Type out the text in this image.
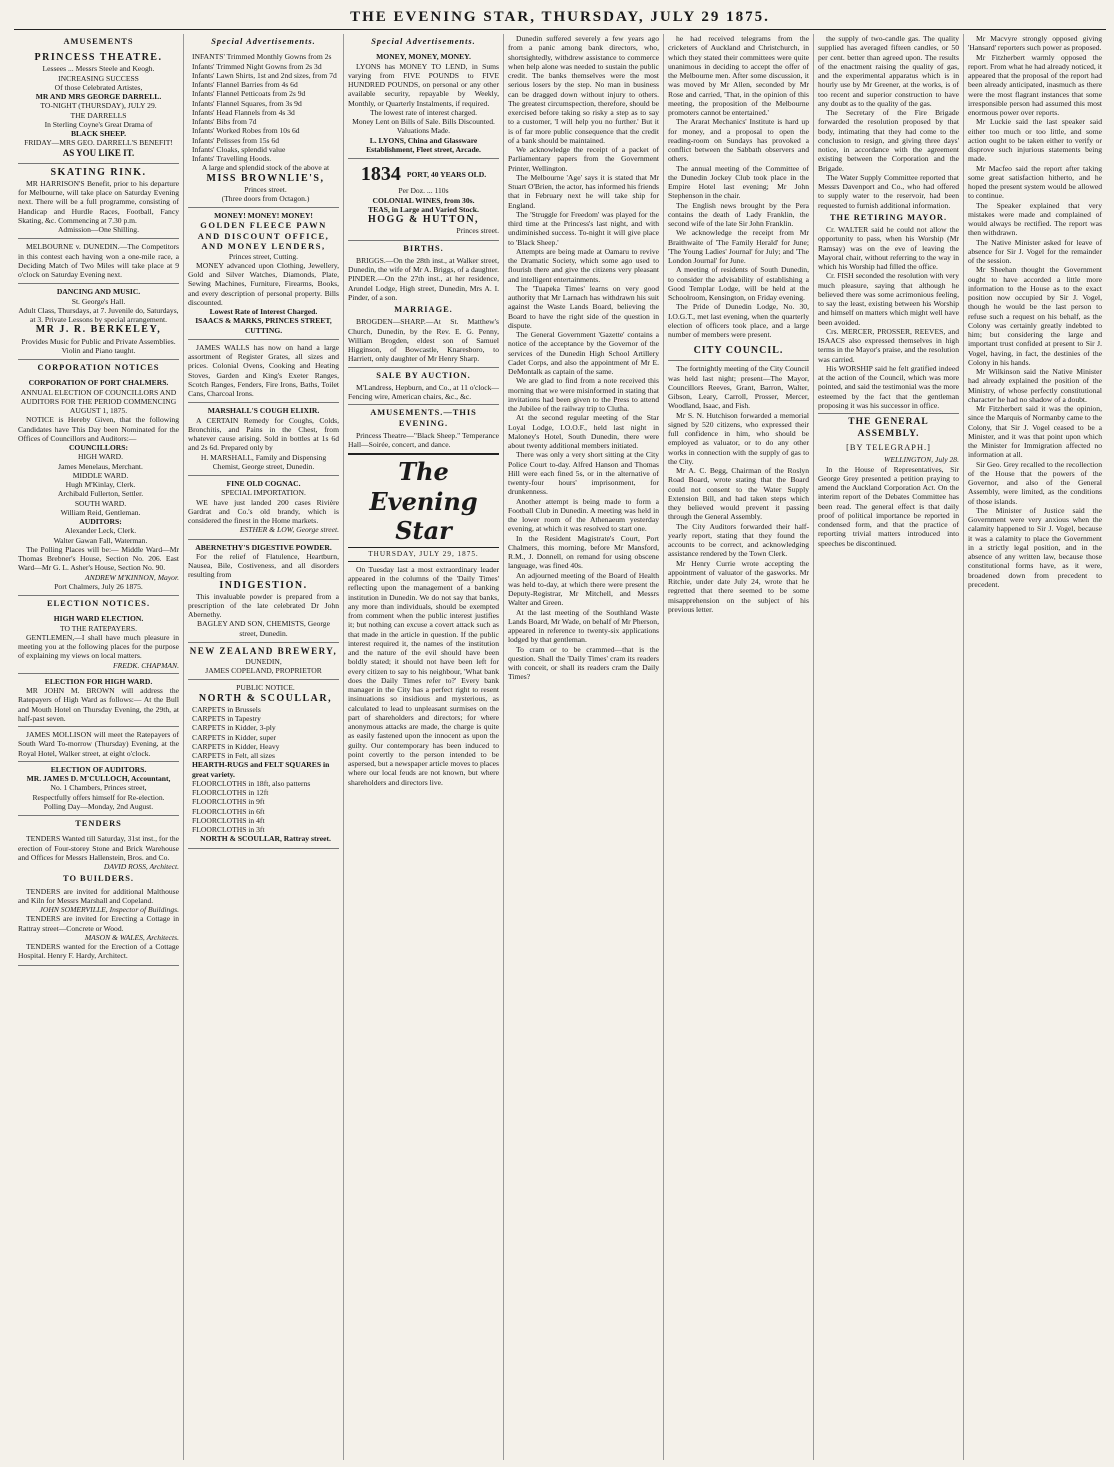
THE EVENING STAR, THURSDAY, JULY 29 1875.
AMUSEMENTS
PRINCESS THEATRE.
Lessees ... Messrs Steele and Keogh.
INCREASING SUCCESS
Of those Celebrated Artistes,
MR AND MRS GEORGE DARRELL.
TO-NIGHT (THURSDAY), JULY 29.
THE DARRELLS
In Sterling Coyne's Great Drama of
BLACK SHEEP.
FRIDAY—MRS GEO. DARRELL'S BENEFIT!
AS YOU LIKE IT.
SKATING RINK.

MR HARRISON'S Benefit, prior to his departure for Melbourne, will take place on Saturday Evening next. There will be a full programme, consisting of Handicap and Hurdle Races, Football, Fancy Skating, &c. Commencing at 7.30 p.m.

Admission—One Shilling.

MELBOURNE v. DUNEDIN.—The Competitors in this contest each having won a one-mile race, a Deciding Match of Two Miles will take place at 9 o'clock on Saturday Evening next.

DANCING AND MUSIC.
St. George's Hall.
Adult Class, Thursdays, at 7. Juvenile do, Saturdays, at 3. Private Lessons by special arrangement.
MR J. R. BERKELEY,
Provides Music for Public and Private Assemblies. Violin and Piano taught.
CORPORATION NOTICES
CORPORATION OF PORT CHALMERS.
ANNUAL ELECTION OF COUNCILLORS AND AUDITORS FOR THE PERIOD COMMENCING AUGUST 1, 1875.

NOTICE is Hereby Given, that the following Candidates have This Day been Nominated for the Offices of Councillors and Auditors:—

COUNCILLORS:
HIGH WARD.
James Menelaus, Merchant.
MIDDLE WARD.
Hugh M'Kinlay, Clerk.
Archibald Fullerton, Settler.
SOUTH WARD.
William Reid, Gentleman.
AUDITORS:
Alexander Leck, Clerk.
Walter Gawan Fall, Waterman.

The Polling Places will be:— Middle Ward—Mr Thomas Brebner's House, Section No. 206. East Ward—Mr G. L. Asher's House, Section No. 90.

ANDREW M'KINNON, Mayor.
Port Chalmers, July 26 1875.
ELECTION NOTICES.
HIGH WARD ELECTION.
TO THE RATEPAYERS.

GENTLEMEN,—I shall have much pleasure in meeting you at the following places for the purpose of explaining my views on local matters.

FREDK. CHAPMAN.
ELECTION FOR HIGH WARD.

MR JOHN M. BROWN will address the Ratepayers of High Ward as follows:— At the Bull and Mouth Hotel on Thursday Evening, the 29th, at half-past seven.

JAMES MOLLISON will meet the Ratepayers of South Ward To-morrow (Thursday) Evening, at the Royal Hotel, Walker street, at eight o'clock.

ELECTION OF AUDITORS.
MR. JAMES D. M'CULLOCH, Accountant,
No. 1 Chambers, Princes street,
Respectfully offers himself for Re-election.
Polling Day—Monday, 2nd August.
TENDERS

TENDERS Wanted till Saturday, 31st inst., for the erection of Four-storey Stone and Brick Warehouse and Offices for Messrs Hallenstein, Bros. and Co.

DAVID ROSS, Architect.
TO BUILDERS.

TENDERS are invited for additional Malthouse and Kiln for Messrs Marshall and Copeland.

JOHN SOMERVILLE, Inspector of Buildings.

TENDERS are invited for Erecting a Cottage in Rattray street—Concrete or Wood.

MASON & WALES, Architects.

TENDERS wanted for the Erection of a Cottage Hospital. Henry F. Hardy, Architect.

Special Advertisements.
INFANTS' Trimmed Monthly Gowns from 2s
Infants' Trimmed Night Gowns from 2s 3d
Infants' Lawn Shirts, 1st and 2nd sizes, from 7d
Infants' Flannel Barries from 4s 6d
Infants' Flannel Petticoats from 2s 9d
Infants' Flannel Squares, from 3s 9d
Infants' Head Flannels from 4s 3d
Infants' Bibs from 7d
Infants' Worked Robes from 10s 6d
Infants' Pelisses from 15s 6d
Infants' Cloaks, splendid value
Infants' Travelling Hoods.
A large and splendid stock of the above at
MISS BROWNLIE'S,
Princes street.
(Three doors from Octagon.)
MONEY! MONEY! MONEY!
GOLDEN FLEECE PAWN AND DISCOUNT OFFICE, AND MONEY LENDERS,
Princes street, Cutting.

MONEY advanced upon Clothing, Jewellery, Gold and Silver Watches, Diamonds, Plate, Sewing Machines, Furniture, Firearms, Books, and every description of personal property. Bills discounted.

Lowest Rate of Interest Charged.
ISAACS & MARKS, PRINCES STREET, CUTTING.

JAMES WALLS has now on hand a large assortment of Register Grates, all sizes and prices. Colonial Ovens, Cooking and Heating Stoves, Garden and King's Exeter Ranges, Scotch Ranges, Fenders, Fire Irons, Baths, Toilet Cans, Charcoal Irons.

MARSHALL'S COUGH ELIXIR.

A CERTAIN Remedy for Coughs, Colds, Bronchitis, and Pains in the Chest, from whatever cause arising. Sold in bottles at 1s 6d and 2s 6d. Prepared only by

H. MARSHALL, Family and Dispensing Chemist, George street, Dunedin.
FINE OLD COGNAC.
SPECIAL IMPORTATION.

WE have just landed 200 cases Rivière Gardrat and Co.'s old brandy, which is considered the finest in the Home markets.

ESTHER & LOW, George street.
ABERNETHY'S DIGESTIVE POWDER.

For the relief of Flatulence, Heartburn, Nausea, Bile, Costiveness, and all disorders resulting from

INDIGESTION.

This invaluable powder is prepared from a prescription of the late celebrated Dr John Abernethy.

BAGLEY AND SON, CHEMISTS, George street, Dunedin.
NEW ZEALAND BREWERY,
DUNEDIN,
JAMES COPELAND, PROPRIETOR
PUBLIC NOTICE.
NORTH & SCOULLAR,
CARPETS in Brussels
CARPETS in Tapestry
CARPETS in Kidder, 3-ply
CARPETS in Kidder, super
CARPETS in Kidder, Heavy
CARPETS in Felt, all sizes
HEARTH-RUGS and FELT SQUARES in great variety.
FLOORCLOTHS in 18ft, also patterns
FLOORCLOTHS in 12ft
FLOORCLOTHS in 9ft
FLOORCLOTHS in 6ft
FLOORCLOTHS in 4ft
FLOORCLOTHS in 3ft
NORTH & SCOULLAR, Rattray street.
Special Advertisements.
MONEY, MONEY, MONEY.

LYONS has MONEY TO LEND, in Sums varying from FIVE POUNDS to FIVE HUNDRED POUNDS, on personal or any other available security, repayable by Weekly, Monthly, or Quarterly Instalments, if required.

The lowest rate of interest charged.
Money Lent on Bills of Sale. Bills Discounted. Valuations Made.
L. LYONS, China and Glassware Establishment, Fleet street, Arcade.
1834 PORT, 40 YEARS OLD.
Per Doz. ... 110s
COLONIAL WINES, from 30s.
TEAS, in Large and Varied Stock.
HOGG & HUTTON,
Princes street.
BIRTHS.

BRIGGS.—On the 28th inst., at Walker street, Dunedin, the wife of Mr A. Briggs, of a daughter. PINDER.—On the 27th inst., at her residence, Arundel Lodge, High street, Dunedin, Mrs A. I. Pinder, of a son.

MARRIAGE.

BROGDEN—SHARP.—At St. Matthew's Church, Dunedin, by the Rev. E. G. Penny, William Brogden, eldest son of Samuel Higginson, of Bowcastle, Knaresboro, to Harriett, only daughter of Mr Henry Sharp.

SALE BY AUCTION.

M'Landress, Hepburn, and Co., at 11 o'clock—Fencing wire, American chairs, &c., &c.

AMUSEMENTS.—THIS EVENING.

Princess Theatre—"Black Sheep." Temperance Hall—Soirée, concert, and dance.

The Evening Star
THURSDAY, JULY 29, 1875.

On Tuesday last a most extraordinary leader appeared in the columns of the 'Daily Times' reflecting upon the management of a banking institution in Dunedin. We do not say that banks, any more than individuals, should be exempted from comment when the public interest justifies it; but nothing can excuse a covert attack such as that made in the article in question. If the public interest required it, the names of the institution and the nature of the evil should have been boldly stated; it should not have been left for every citizen to say to his neighbour, 'What bank does the Daily Times refer to?' Every bank manager in the City has a perfect right to resent insinuations so insidious and mysterious, as calculated to lead to unpleasant surmises on the part of shareholders and directors; for where anonymous attacks are made, the charge is quite as easily fastened upon the innocent as upon the guilty. Our contemporary has been induced to point covertly to the person intended to be aspersed, but a newspaper article moves to places where our local feuds are not known, but where shareholders and directors live.

Dunedin suffered severely a few years ago from a panic among bank directors, who, shortsightedly, withdrew assistance to commerce when help alone was needed to sustain the public credit. The banks themselves were the most serious losers by the step. No man in business can be dragged down without injury to others. The greatest circumspection, therefore, should be exercised before taking so risky a step as to say to a customer, 'I will help you no further.' But it is of far more public consequence that the credit of a bank should be maintained.

We acknowledge the receipt of a packet of Parliamentary papers from the Government Printer, Wellington.

The Melbourne 'Age' says it is stated that Mr Stuart O'Brien, the actor, has informed his friends that in February next he will take ship for England.

The 'Struggle for Freedom' was played for the third time at the Princess's last night, and with undiminished success. To-night it will give place to 'Black Sheep.'

Attempts are being made at Oamaru to revive the Dramatic Society, which some ago used to flourish there and give the citizens very pleasant and intelligent entertainments.

The 'Tuapeka Times' learns on very good authority that Mr Larnach has withdrawn his suit against the Waste Lands Board, believing the Board to have the right side of the question in dispute.

The General Government 'Gazette' contains a notice of the acceptance by the Governor of the services of the Dunedin High School Artillery Cadet Corps, and also the appointment of Mr E. DeMontalk as captain of the same.

We are glad to find from a note received this morning that we were misinformed in stating that invitations had been given to the Press to attend the Jubilee of the railway trip to Clutha.

At the second regular meeting of the Star Loyal Lodge, I.O.O.F., held last night in Maloney's Hotel, South Dunedin, there were about twenty additional members initiated.

There was only a very short sitting at the City Police Court to-day. Alfred Hanson and Thomas Hill were each fined 5s, or in the alternative of twenty-four hours' imprisonment, for drunkenness.

Another attempt is being made to form a Football Club in Dunedin. A meeting was held in the lower room of the Athenaeum yesterday evening, at which it was resolved to start one.

In the Resident Magistrate's Court, Port Chalmers, this morning, before Mr Mansford, R.M., J. Donnell, on remand for using obscene language, was fined 40s.

An adjourned meeting of the Board of Health was held to-day, at which there were present the Deputy-Registrar, Mr Mitchell, and Messrs Walter and Green.

At the last meeting of the Southland Waste Lands Board, Mr Wade, on behalf of Mr Pherson, appeared in reference to twenty-six applications lodged by that gentleman.

To cram or to be crammed—that is the question. Shall the 'Daily Times' cram its readers with conceit, or shall its readers cram the Daily Times?

he had received telegrams from the cricketers of Auckland and Christchurch, in which they stated their committees were quite unanimous in deciding to accept the offer of the Melbourne men. After some discussion, it was moved by Mr Allen, seconded by Mr Rose and carried, 'That, in the opinion of this meeting, the proposition of the Melbourne promoters cannot be entertained.'

The Ararat Mechanics' Institute is hard up for money, and a proposal to open the reading-room on Sundays has provoked a conflict between the Sabbath observers and others.

The annual meeting of the Committee of the Dunedin Jockey Club took place in the Empire Hotel last evening; Mr John Stephenson in the chair.

The English news brought by the Pera contains the death of Lady Franklin, the second wife of the late Sir John Franklin.

We acknowledge the receipt from Mr Braithwaite of 'The Family Herald' for June; 'The Young Ladies' Journal' for July; and 'The London Journal' for June.

A meeting of residents of South Dunedin, to consider the advisability of establishing a Good Templar Lodge, will be held at the Schoolroom, Kensington, on Friday evening.

The Pride of Dunedin Lodge, No. 30, I.O.G.T., met last evening, when the quarterly election of officers took place, and a large number of members were present.

CITY COUNCIL.

The fortnightly meeting of the City Council was held last night; present—The Mayor, Councillors Reeves, Grant, Barron, Walter, Gibson, Leary, Carroll, Prosser, Mercer, Woodland, Isaac, and Fish.

Mr S. N. Hutchison forwarded a memorial signed by 520 citizens, who expressed their full confidence in him, who should be employed as valuator, or to do any other works in connection with the supply of gas to the City.

Mr A. C. Begg, Chairman of the Roslyn Road Board, wrote stating that the Board could not consent to the Water Supply Extension Bill, and had taken steps which they believed would prevent it passing through the General Assembly.

The City Auditors forwarded their half-yearly report, stating that they found the accounts to be correct, and acknowledging assistance rendered by the Town Clerk.

Mr Henry Currie wrote accepting the appointment of valuator of the gasworks. Mr Ritchie, under date July 24, wrote that he regretted that there seemed to be some misapprehension on the subject of his previous letter.

the supply of two-candle gas. The quality supplied has averaged fifteen candles, or 50 per cent. better than agreed upon. The results of the enactment raising the quality of gas, and the experimental apparatus which is in hourly use by Mr Greener, at the works, is of too recent and superior construction to have any doubt as to the quality of the gas.

The Secretary of the Fire Brigade forwarded the resolution proposed by that body, intimating that they had come to the conclusion to resign, and giving three days' notice, in accordance with the agreement existing between the Corporation and the Brigade.

The Water Supply Committee reported that Messrs Davenport and Co., who had offered to supply water to the reservoir, had been requested to furnish additional information.

THE RETIRING MAYOR.

Cr. WALTER said he could not allow the opportunity to pass, when his Worship (Mr Ramsay) was on the eve of leaving the Mayoral chair, without referring to the way in which his Worship had filled the office.

Cr. FISH seconded the resolution with very much pleasure, saying that although he believed there was some acrimonious feeling, to say the least, existing between his Worship and himself on matters which might well have been avoided.

Crs. MERCER, PROSSER, REEVES, and ISAACS also expressed themselves in high terms in the Mayor's praise, and the resolution was carried.

His WORSHIP said he felt gratified indeed at the action of the Council, which was more pointed, and said the testimonial was the more esteemed by the fact that the gentleman proposing it was his successor in office.

THE GENERAL ASSEMBLY.
[BY TELEGRAPH.]
WELLINGTON, July 28.

In the House of Representatives, Sir George Grey presented a petition praying to amend the Auckland Corporation Act. On the interim report of the Debates Committee has been read. The general effect is that daily proof of political importance be reported in condensed form, and that the practice of reporting trivial matters introduced into speeches be discontinued.

Mr Macvyre strongly opposed giving 'Hansard' reporters such power as proposed.

Mr Fitzherbert warmly opposed the report. From what he had already noticed, it appeared that the proposal of the report had been already anticipated, inasmuch as there were the most flagrant instances that some irresponsible person had assumed this most enormous power over reports.

Mr Luckie said the last speaker said either too much or too little, and some action ought to be taken either to verify or disprove such injurious statements being made.

Mr Macfeo said the report after taking some great satisfaction hitherto, and he hoped the present system would be allowed to continue.

The Speaker explained that very mistakes were made and complained of would always be rectified. The report was then withdrawn.

The Native Minister asked for leave of absence for Sir J. Vogel for the remainder of the session.

Mr Sheehan thought the Government ought to have accorded a little more information to the House as to the exact position now occupied by Sir J. Vogel, though he would be the last person to refuse such a request on his behalf, as the Colony was certainly greatly indebted to him; but considering the large and important trust confided at present to Sir J. Vogel, having, in fact, the destinies of the Colony in his hands.

Mr Wilkinson said the Native Minister had already explained the position of the Ministry, of whose perfectly constitutional character he had no shadow of a doubt.

Mr Fitzherbert said it was the opinion, since the Marquis of Normanby came to the Colony, that Sir J. Vogel ceased to be a Minister, and it was that point upon which the Minister for Immigration affected no information at all.

Sir Geo. Grey recalled to the recollection of the House that the powers of the Governor, and also of the General Assembly, were limited, as the conditions of those islands.

The Minister of Justice said the Government were very anxious when the calamity happened to Sir J. Vogel, because it was a calamity to place the Government in a strictly legal position, and in the absence of any written law, because those constitutional forms have, as it were, broadened down from precedent to precedent.
